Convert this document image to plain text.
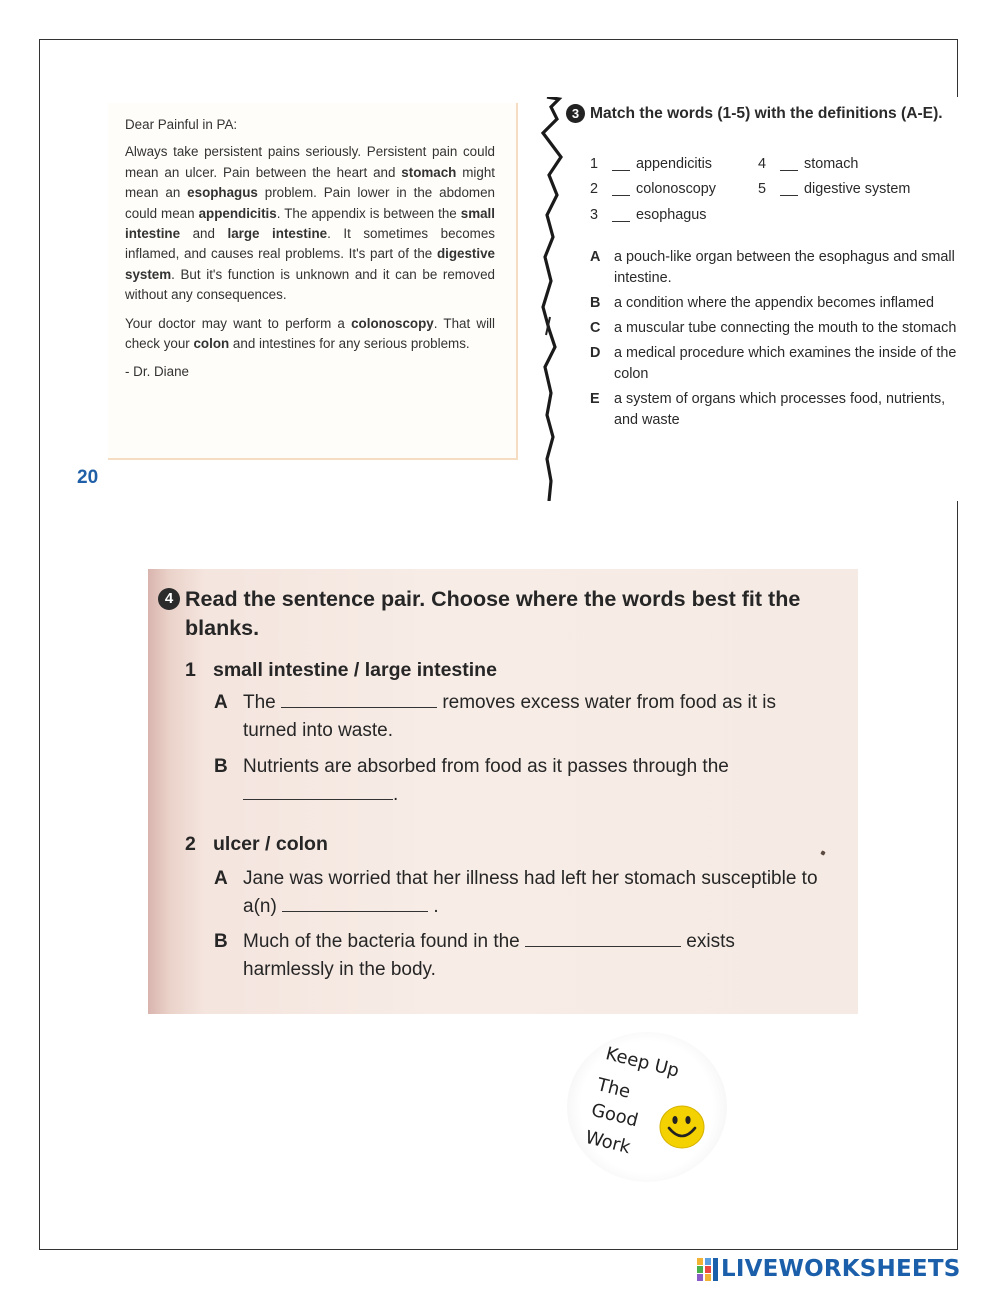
Dear Painful in PA:

Always take persistent pains seriously. Persistent pain could mean an ulcer. Pain between the heart and stomach might mean an esophagus problem. Pain lower in the abdomen could mean appendicitis. The appendix is between the small intestine and large intestine. It sometimes becomes inflamed, and causes real problems. It's part of the digestive system. But it's function is unknown and it can be removed without any consequences.

Your doctor may want to perform a colonoscopy. That will check your colon and intestines for any serious problems.

- Dr. Diane

20
3 Match the words (1-5) with the definitions (A-E).
1	appendicitis
2	colonoscopy
3	esophagus
4	stomach
5	digestive system
A a pouch-like organ between the esophagus and small intestine.
B a condition where the appendix becomes inflamed
C a muscular tube connecting the mouth to the stomach
D a medical procedure which examines the inside of the colon
E a system of organs which processes food, nutrients, and waste
4 Read the sentence pair. Choose where the words best fit the blanks.
1 small intestine / large intestine
A The	removes excess water from food as it is turned into waste.
B Nutrients are absorbed from food as it passes through the .
2 ulcer / colon
A Jane was worried that her illness had left her stomach susceptible to a(n)	.
B Much of the bacteria found in the	exists harmlessly in the body.
Keep Up
The
Good
Work
LIVEWORKSHEETS
